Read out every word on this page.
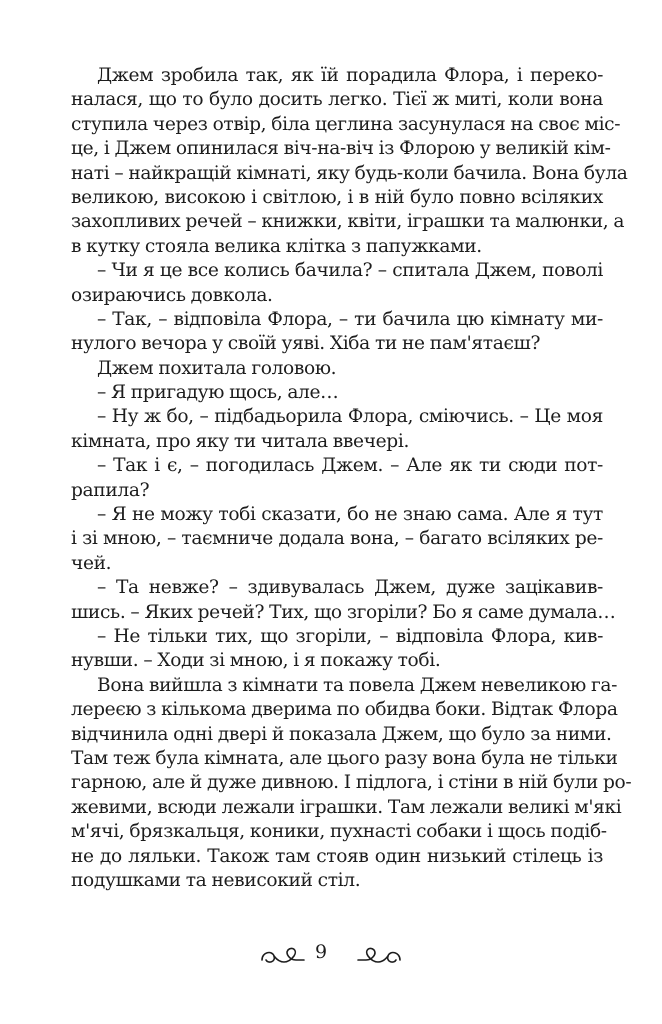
Джем зробила так, як їй порадила Флора, і переко-
налася, що то було досить легко. Тієї ж миті, коли вона
ступила через отвір, біла цеглина засунулася на своє міс-
це, і Джем опинилася віч-на-віч із Флорою у великій кім-
наті – найкращій кімнаті, яку будь-коли бачила. Вона була
великою, високою і світлою, і в ній було повно всіляких
захопливих речей – книжки, квіти, іграшки та малюнки, а
в кутку стояла велика клітка з папужками.
– Чи я це все колись бачила? – спитала Джем, поволі
озираючись довкола.
– Так, – відповіла Флора, – ти бачила цю кімнату ми-
нулого вечора у своїй уяві. Хіба ти не пам'ятаєш?
Джем похитала головою.
– Я пригадую щось, але…
– Ну ж бо, – підбадьорила Флора, сміючись. – Це моя
кімната, про яку ти читала ввечері.
– Так і є, – погодилась Джем. – Але як ти сюди пот-
рапила?
– Я не можу тобі сказати, бо не знаю сама. Але я тут
і зі мною, – таємниче додала вона, – багато всіляких ре-
чей.
– Та невже? – здивувалась Джем, дуже зацікавив-
шись. – Яких речей? Тих, що згоріли? Бо я саме думала…
– Не тільки тих, що згоріли, – відповіла Флора, кив-
нувши. – Ходи зі мною, і я покажу тобі.
Вона вийшла з кімнати та повела Джем невеликою га-
лереєю з кількома дверима по обидва боки. Відтак Флора
відчинила одні двері й показала Джем, що було за ними.
Там теж була кімната, але цього разу вона була не тільки
гарною, але й дуже дивною. І підлога, і стіни в ній були ро-
жевими, всюди лежали іграшки. Там лежали великі м'які
м'ячі, брязкальця, коники, пухнасті собаки і щось подіб-
не до ляльки. Також там стояв один низький стілець із
подушками та невисокий стіл.
9
